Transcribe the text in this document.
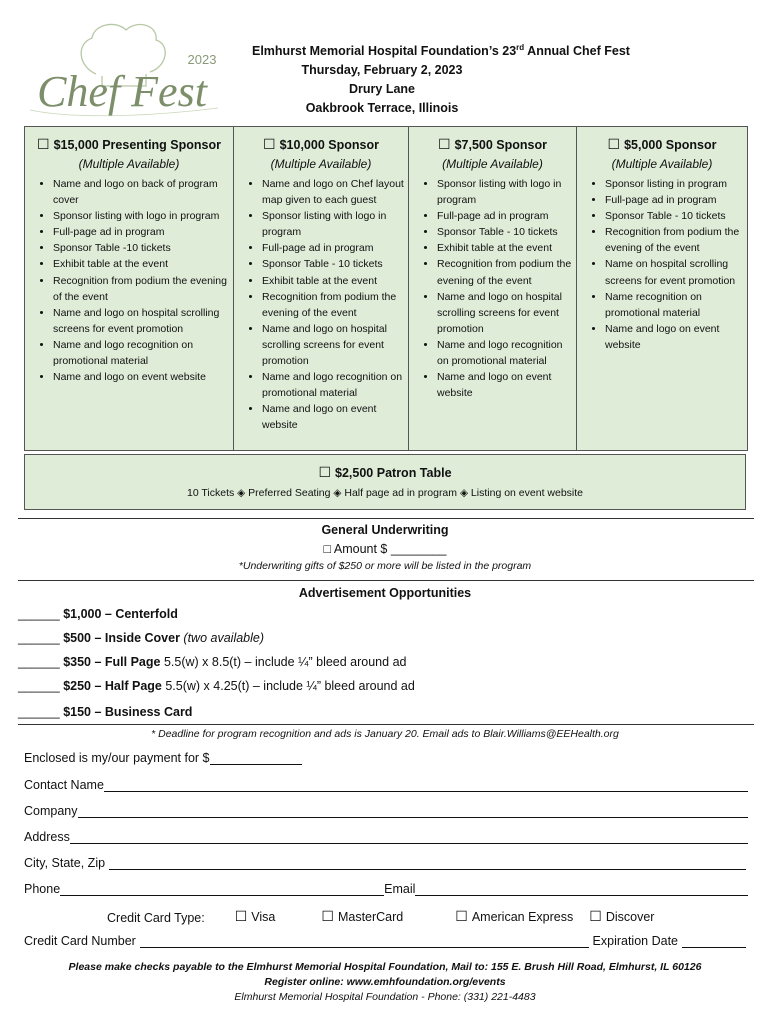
2023
Chef Fest
Elmhurst Memorial Hospital Foundation’s 23rd Annual Chef Fest
Thursday, February 2, 2023
Drury Lane
Oakbrook Terrace, Illinois
☐ $15,000 Presenting Sponsor
(Multiple Available)
• Name and logo on back of program cover
• Sponsor listing with logo in program
• Full-page ad in program
• Sponsor Table -10 tickets
• Exhibit table at the event
• Recognition from podium the evening of the event
• Name and logo on hospital scrolling screens for event promotion
• Name and logo recognition on promotional material
• Name and logo on event website
☐ $10,000 Sponsor
(Multiple Available)
• Name and logo on Chef layout map given to each guest
• Sponsor listing with logo in program
• Full-page ad in program
• Sponsor Table - 10 tickets
• Exhibit table at the event
• Recognition from podium the evening of the event
• Name and logo on hospital scrolling screens for event promotion
• Name and logo recognition on promotional material
• Name and logo on event website
☐ $7,500 Sponsor
(Multiple Available)
• Sponsor listing with logo in program
• Full-page ad in program
• Sponsor Table - 10 tickets
• Exhibit table at the event
• Recognition from podium the evening of the event
• Name and logo on hospital scrolling screens for event promotion
• Name and logo recognition on promotional material
• Name and logo on event website
☐ $5,000 Sponsor
(Multiple Available)
• Sponsor listing in program
• Full-page ad in program
• Sponsor Table - 10 tickets
• Recognition from podium the evening of the event
• Name on hospital scrolling screens for event promotion
• Name recognition on promotional material
• Name and logo on event website
☐ $2,500 Patron Table
10 Tickets ◈ Preferred Seating ◈ Half page ad in program ◈ Listing on event website
General Underwriting
□ Amount $ ________
*Underwriting gifts of $250 or more will be listed in the program
Advertisement Opportunities
______ $1,000 – Centerfold
______ $500 – Inside Cover (two available)
______ $350 – Full Page 5.5(w) x 8.5(t) – include ¼” bleed around ad
______ $250 – Half Page 5.5(w) x 4.25(t) – include ¼” bleed around ad
______ $150 – Business Card
* Deadline for program recognition and ads is January 20. Email ads to Blair.Williams@EEHealth.org
Enclosed is my/our payment for $
Contact Name
Company
Address
City, State, Zip
Phone	Email
Credit Card Type: ☐ Visa	☐ MasterCard	☐ American Express ☐ Discover
Credit Card Number	Expiration Date
Please make checks payable to the Elmhurst Memorial Hospital Foundation, Mail to: 155 E. Brush Hill Road, Elmhurst, IL 60126
Register online: www.emhfoundation.org/events
Elmhurst Memorial Hospital Foundation - Phone: (331) 221-4483
